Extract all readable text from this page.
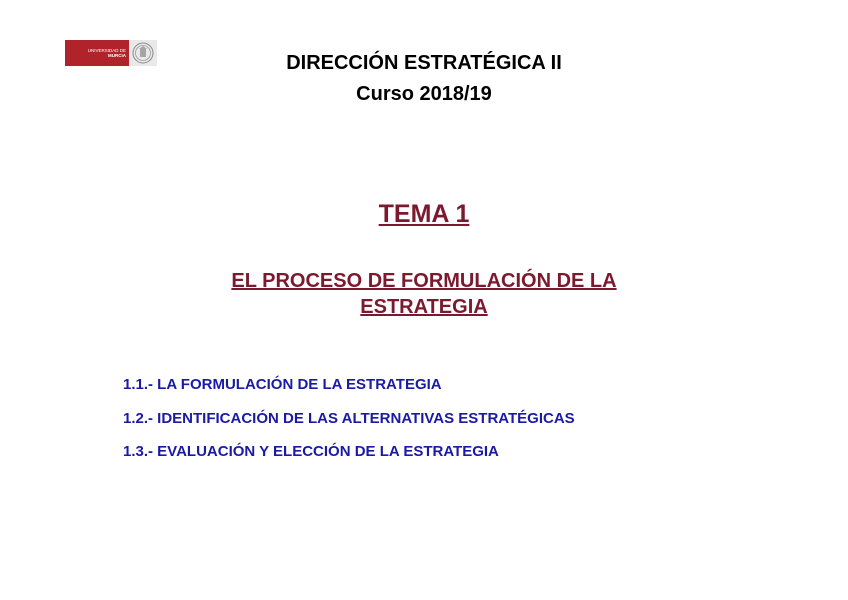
UNIVERSIDAD DE
MURCIA	DIRECCIÓN ESTRATÉGICA II
Curso 2018/19
TEMA 1
EL PROCESO DE FORMULACIÓN DE LA
ESTRATEGIA
1.1.- LA FORMULACIÓN DE LA ESTRATEGIA
1.2.- IDENTIFICACIÓN DE LAS ALTERNATIVAS ESTRATÉGICAS
1.3.- EVALUACIÓN Y ELECCIÓN DE LA ESTRATEGIA
